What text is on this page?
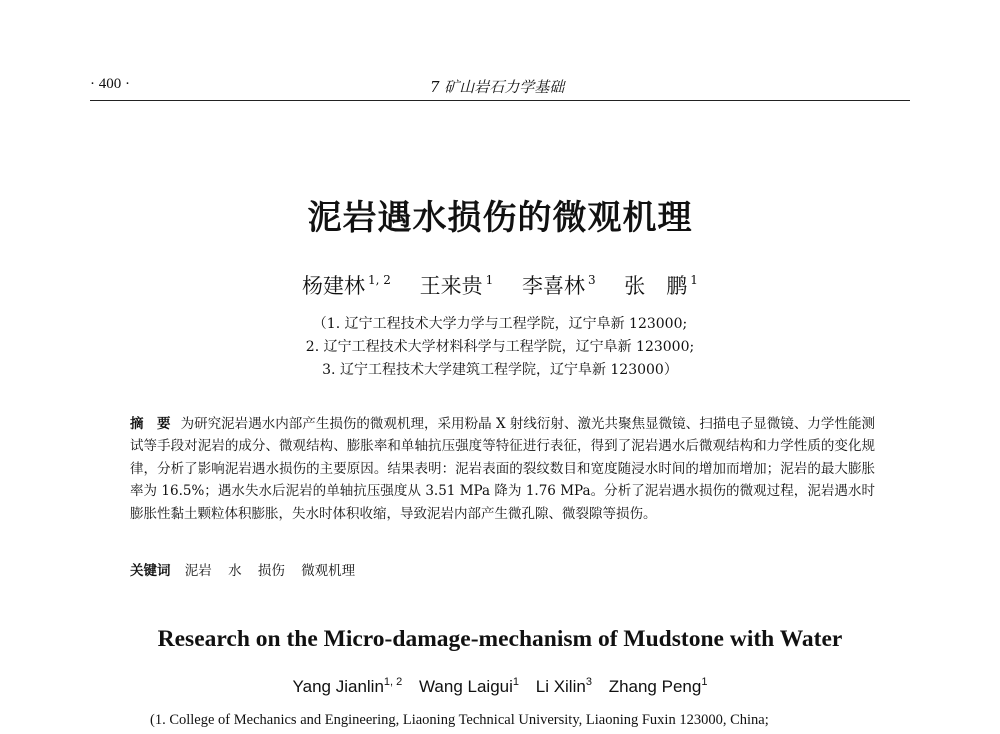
· 400 ·	7 矿山岩石力学基础
泥岩遇水损伤的微观机理
杨建林 $^{1, 2}$ 王来贵 $^1$ 李喜林 $^3$ 张　鹏 $^1$
（1. 辽宁工程技术大学力学与工程学院，辽宁阜新 123000;
2. 辽宁工程技术大学材料科学与工程学院，辽宁阜新 123000;
3. 辽宁工程技术大学建筑工程学院，辽宁阜新 123000）
摘　要 为研究泥岩遇水内部产生损伤的微观机理，采用粉晶 X 射线衍射、激光共聚焦显微镜、扫描电子显微镜、力学性能测试等手段对泥岩的成分、微观结构、膨胀率和单轴抗压强度等特征进行表征，得到了泥岩遇水后微观结构和力学性质的变化规律，分析了影响泥岩遇水损伤的主要原因。结果表明：泥岩表面的裂纹数目和宽度随浸水时间的增加而增加；泥岩的最大膨胀率为 16.5%；遇水失水后泥岩的单轴抗压强度从 3.51 MPa 降为 1.76 MPa。分析了泥岩遇水损伤的微观过程，泥岩遇水时膨胀性黏土颗粒体积膨胀，失水时体积收缩，导致泥岩内部产生微孔隙、微裂隙等损伤。
关键词 泥岩 水 损伤 微观机理
Research on the Micro-damage-mechanism of Mudstone with Water
Yang Jianlin$^{1, 2}$ Wang Laigui$^1$ Li Xilin$^3$ Zhang Peng$^1$
(1. College of Mechanics and Engineering, Liaoning Technical University, Liaoning Fuxin 123000, China;
